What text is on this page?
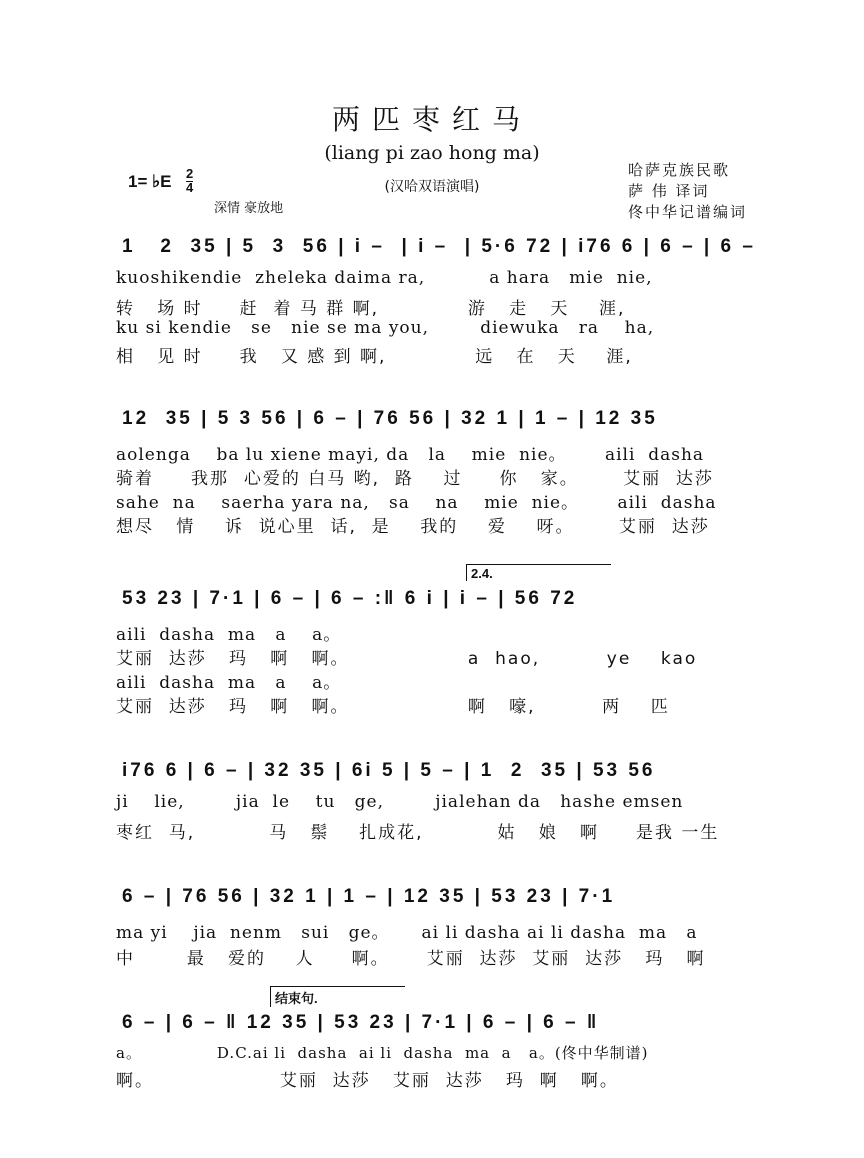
两匹枣红马
(liang pi zao hong ma)
1= ♭E 2
4	(汉哈双语演唱)
深情 豪放地
哈萨克族民歌
萨 伟 译词
佟中华记谱编词
1   2  35 | 5  3  56 | i –  | i –  | 5·6 72 | i76 6 | 6 – | 6 –
kuoshikendie  zheleka daima ra,          a hara   mie  nie,
转   场 时     赶  着 马 群 啊,            游   走   天    涯,
ku si kendie   se   nie se ma you,        diewuka   ra    ha,
相   见 时     我   又 感 到 啊,            远   在   天    涯,
12  35 | 5 3 56 | 6 – | 76 56 | 32 1 | 1 – | 12 35
aolenga    ba lu xiene mayi, da   la    mie  nie。      aili  dasha
骑着     我那  心爱的 白马 哟,  路    过     你   家。      艾丽  达莎
sahe  na    saerha yara na,   sa    na    mie  nie。      aili  dasha
想尽   情    诉  说心里  话,  是    我的    爱    呀。      艾丽  达莎
2.4.
53 23 | 7·1 | 6 – | 6 – :‖ 6 i | i – | 56 72
aili  dasha  ma   a    a。
艾丽  达莎   玛   啊   啊。                a  hao,         ye    kao
aili  dasha  ma   a    a。
艾丽  达莎   玛   啊   啊。                啊   嚎,         两    匹
i76 6 | 6 – | 32 35 | 6i 5 | 5 – | 1  2  35 | 53 56
ji    lie,        jia  le    tu   ge,        jialehan da   hashe emsen
枣红  马,          马   鬃    扎成花,          姑   娘   啊     是我 一生
6 – | 76 56 | 32 1 | 1 – | 12 35 | 53 23 | 7·1
ma yi    jia  nenm   sui   ge。     ai li dasha ai li dasha  ma   a
中       最   爱的    人     啊。     艾丽  达莎  艾丽  达莎   玛   啊
结束句.
6 – | 6 – ‖ 12 35 | 53 23 | 7·1 | 6 – | 6 – ‖
a。             D.C.ai li  dasha  ai li  dasha  ma  a   a。(佟中华制谱)
啊。                 艾丽  达莎   艾丽  达莎   玛  啊   啊。
